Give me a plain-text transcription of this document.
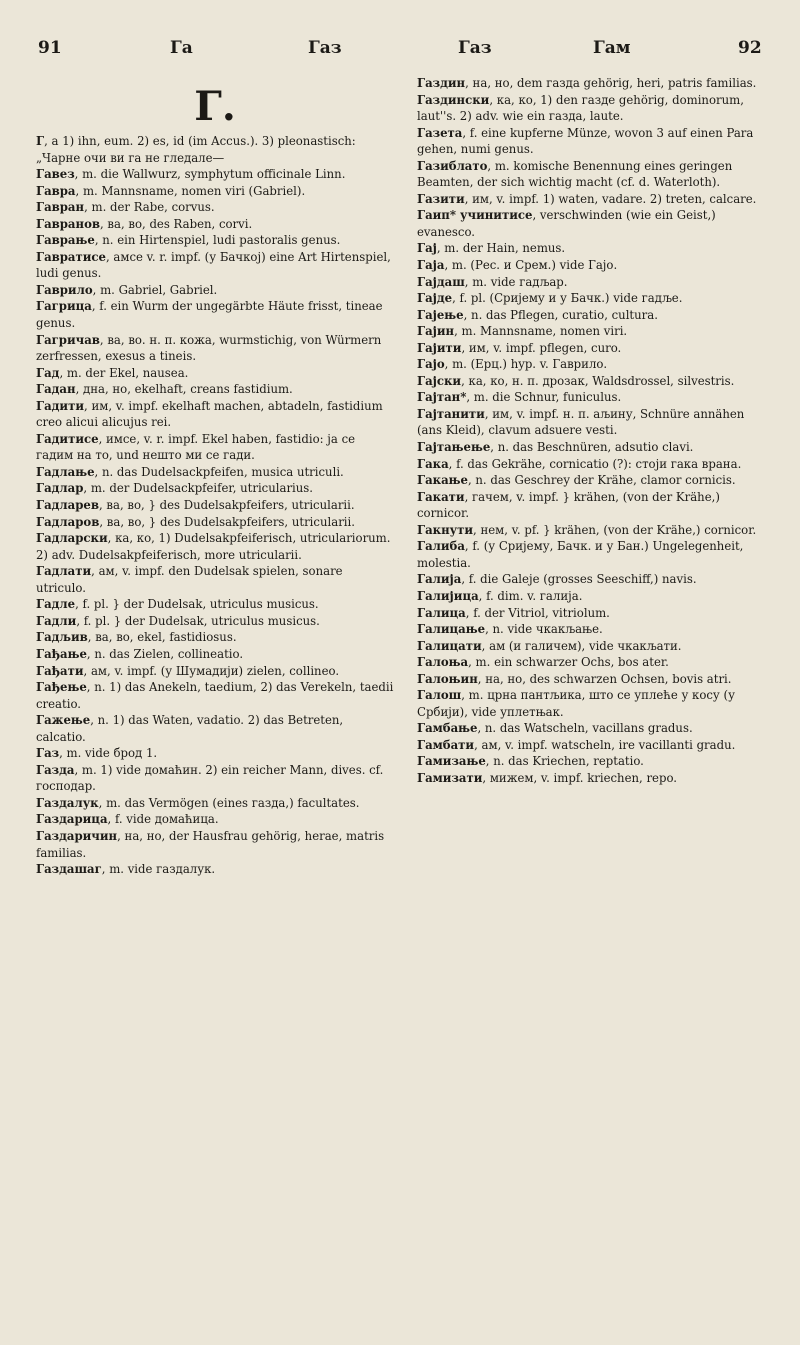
91	Га	Газ	Газ	Гам	92
Г.

Г, а 1) ihn, eum. 2) es, id (im Accus.). 3) pleonastisch: „Чарне очи ви га не гледале—

Гавез, m. die Wallwurz, symphytum officinale Linn.

Гавра, m. Mannsname, nomen viri (Gabriel).

Гавран, m. der Rabe, corvus.

Гавранов, ва, во, des Raben, corvi.

Гаврање, n. ein Hirtenspiel, ludi pastoralis genus.

Гавратисе, амсе v. r. impf. (у Бачкој) eine Art Hirtenspiel, ludi genus.

Гаврило, m. Gabriel, Gabriel.

Гагрица, f. ein Wurm der ungegärbte Häute frisst, tineae genus.

Гагричав, ва, во. н. п. кожа, wurmstichig, von Würmern zerfressen, exesus a tineis.

Гад, m. der Ekel, nausea.

Гадан, дна, но, ekelhaft, creans fastidium.

Гадити, им, v. impf. ekelhaft machen, abtadeln, fastidium creo alicui alicujus rei.

Гадитисе, имсе, v. r. impf. Ekel haben, fastidio: ја се гадим на то, und нешто ми се гади.

Гадлање, n. das Dudelsackpfeifen, musica utriculi.

Гадлар, m. der Dudelsackpfeifer, utricularius.

Гадларев, ва, во, } des Dudelsakpfeifers, utricularii.

Гадларов, ва, во, } des Dudelsakpfeifers, utricularii.

Гадларски, ка, ко, 1) Dudelsakpfeiferisch, utriculariorum. 2) adv. Dudelsakpfeiferisch, more utricularii.

Гадлати, ам, v. impf. den Dudelsak spielen, sonare utriculo.

Гадле, f. pl. } der Dudelsak, utriculus musicus.

Гадли, f. pl. } der Dudelsak, utriculus musicus.

Гадљив, ва, во, ekel, fastidiosus.

Гађање, n. das Zielen, collineatio.

Гађати, ам, v. impf. (у Шумадији) zielen, collineo.

Гађење, n. 1) das Anekeln, taedium, 2) das Verekeln, taedii creatio.

Гажење, n. 1) das Waten, vadatio. 2) das Betreten, calcatio.

Газ, m. vide брод 1.

Газда, m. 1) vide домаћин. 2) ein reicher Mann, dives. cf. господар.

Газдалук, m. das Vermögen (eines газда,) facultates.

Газдарица, f. vide домаћица.

Газдаричин, на, но, der Hausfrau gehörig, herae, matris familias.

Газдашаг, m. vide газдалук.

Газдин, на, но, dem газда gehörig, heri, patris familias.

Газдински, ка, ко, 1) den газде gehörig, dominorum, laut''s. 2) adv. wie ein газда, laute.

Газета, f. eine kupferne Münze, wovon 3 auf einen Para gehen, numi genus.

Газиблато, m. komische Benennung eines geringen Beamten, der sich wichtig macht (cf. d. Waterloth).

Газити, им, v. impf. 1) waten, vadare. 2) treten, calcare.

Гаип* учинитисе, verschwinden (wie ein Geist,) evanesco.

Гај, m. der Hain, nemus.

Гаја, m. (Рес. и Срем.) vide Гајо.

Гајдаш, m. vide гадљар.

Гајде, f. pl. (Сријему и у Бачк.) vide гадље.

Гајење, n. das Pflegen, curatio, cultura.

Гајин, m. Mannsname, nomen viri.

Гајити, им, v. impf. pflegen, curo.

Гајо, m. (Ерц.) hyp. v. Гаврило.

Гајски, ка, ко, н. п. дрозак, Waldsdrossel, silvestris.

Гајтан*, m. die Schnur, funiculus.

Гајтанити, им, v. impf. н. п. аљину, Schnüre annähen (ans Kleid), clavum adsuere vesti.

Гајтањење, n. das Beschnüren, adsutio clavi.

Гака, f. das Gekrähe, cornicatio (?): стоји гака врана.

Гакање, n. das Geschrey der Krähe, clamor cornicis.

Гакати, гачем, v. impf. } krähen, (von der Krähe,) cornicor.

Гакнути, нем, v. pf. } krähen, (von der Krähe,) cornicor.

Галиба, f. (у Сријему, Бачк. и у Бан.) Ungelegenheit, molestia.

Галија, f. die Galeje (grosses Seeschiff,) navis.

Галијица, f. dim. v. галија.

Галица, f. der Vitriol, vitriolum.

Галицање, n. vide чкакљање.

Галицати, ам (и галичем), vide чкакљати.

Галоња, m. ein schwarzer Ochs, bos ater.

Галоњин, на, но, des schwarzen Ochsen, bovis atri.

Галош, m. црна пантљика, што се уплеће у косу (у Србији), vide уплетњак.

Гамбање, n. das Watscheln, vacillans gradus.

Гамбати, ам, v. impf. watscheln, ire vacillanti gradu.

Гамизање, n. das Kriechen, reptatio.

Гамизати, мижем, v. impf. kriechen, repo.
